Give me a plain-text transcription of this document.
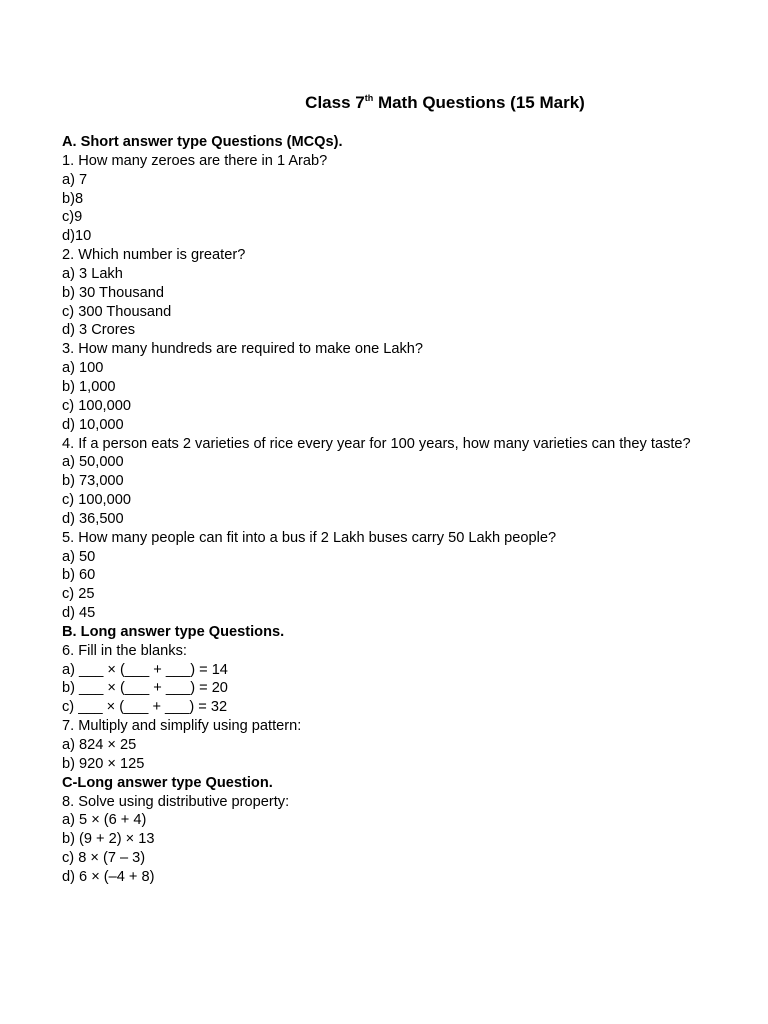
Class 7th Math Questions (15 Mark)
A. Short answer type Questions (MCQs).
1. How many zeroes are there in 1 Arab?
a) 7
b)8
c)9
d)10
2. Which number is greater?
a) 3 Lakh
b) 30 Thousand
c) 300 Thousand
d) 3 Crores
3. How many hundreds are required to make one Lakh?
a) 100
b) 1,000
c) 100,000
d) 10,000
4. If a person eats 2 varieties of rice every year for 100 years, how many varieties can they taste?
a) 50,000
b) 73,000
c) 100,000
d) 36,500
5. How many people can fit into a bus if 2 Lakh buses carry 50 Lakh people?
a) 50
b) 60
c) 25
d) 45
B. Long answer type Questions.
6. Fill in the blanks:
a) ___ × (___ + ___) = 14
b) ___ × (___ + ___) = 20
c) ___ × (___ + ___) = 32
7. Multiply and simplify using pattern:
a) 824 × 25
b) 920 × 125
C-Long answer type Question.
8. Solve using distributive property:
a) 5 × (6 + 4)
b) (9 + 2) × 13
c) 8 × (7 – 3)
d) 6 × (–4 + 8)
